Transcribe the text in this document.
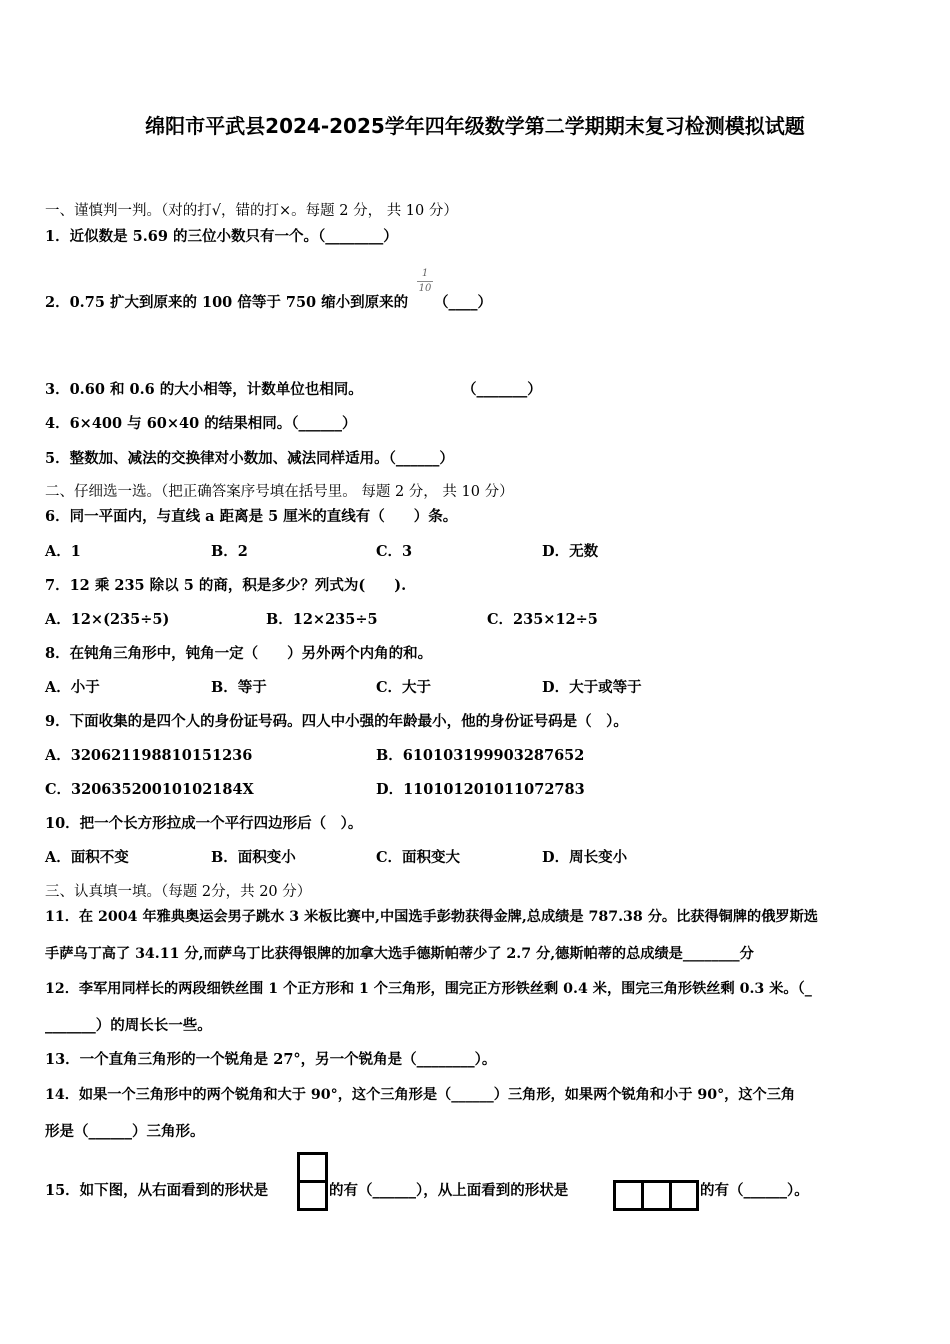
绵阳市平武县2024-2025学年四年级数学第二学期期末复习检测模拟试题
一、谨慎判一判。（对的打√，错的打×。每题 2 分， 共 10 分）
1．近似数是 5.69 的三位小数只有一个。（________）
2．0.75 扩大到原来的 100 倍等于 750 缩小到原来的
1
10
（____）
3．0.60 和 0.6 的大小相等，计数单位也相同。	（_______）
4．6×400 与 60×40 的结果相同。（______）
5．整数加、减法的交换律对小数加、减法同样适用。（______）
二、仔细选一选。（把正确答案序号填在括号里。 每题 2 分， 共 10 分）
6．同一平面内，与直线 a 距离是 5 厘米的直线有（　　）条。
A．1	B．2	C．3	D．无数
7．12 乘 235 除以 5 的商，积是多少？列式为(　　).
A．12×(235÷5)	B．12×235÷5	C．235×12÷5
8．在钝角三角形中，钝角一定（　　）另外两个内角的和。
A．小于	B．等于	C．大于	D．大于或等于
9．下面收集的是四个人的身份证号码。四人中小强的年龄最小，他的身份证号码是（　）。
A．320621198810151236	B．610103199903287652
C．32063520010102184X	D．110101201011072783
10．把一个长方形拉成一个平行四边形后（　）。
A．面积不变	B．面积变小	C．面积变大	D．周长变小
三、认真填一填。（每题 2分，共 20 分）
11．在 2004 年雅典奥运会男子跳水 3 米板比赛中,中国选手彭勃获得金牌,总成绩是 787.38 分。比获得铜牌的俄罗斯选
手萨乌丁高了 34.11 分,而萨乌丁比获得银牌的加拿大选手德斯帕蒂少了 2.7 分,德斯帕蒂的总成绩是________分
12．李军用同样长的两段细铁丝围 1 个正方形和 1 个三角形，围完正方形铁丝剩 0.4 米，围完三角形铁丝剩 0.3 米。（_
_______）的周长长一些。
13．一个直角三角形的一个锐角是 27°，另一个锐角是（________）。
14．如果一个三角形中的两个锐角和大于 90°，这个三角形是（______）三角形，如果两个锐角和小于 90°，这个三角
形是（______）三角形。
15．如下图，从右面看到的形状是	的有（______），从上面看到的形状是	的有（______）。
